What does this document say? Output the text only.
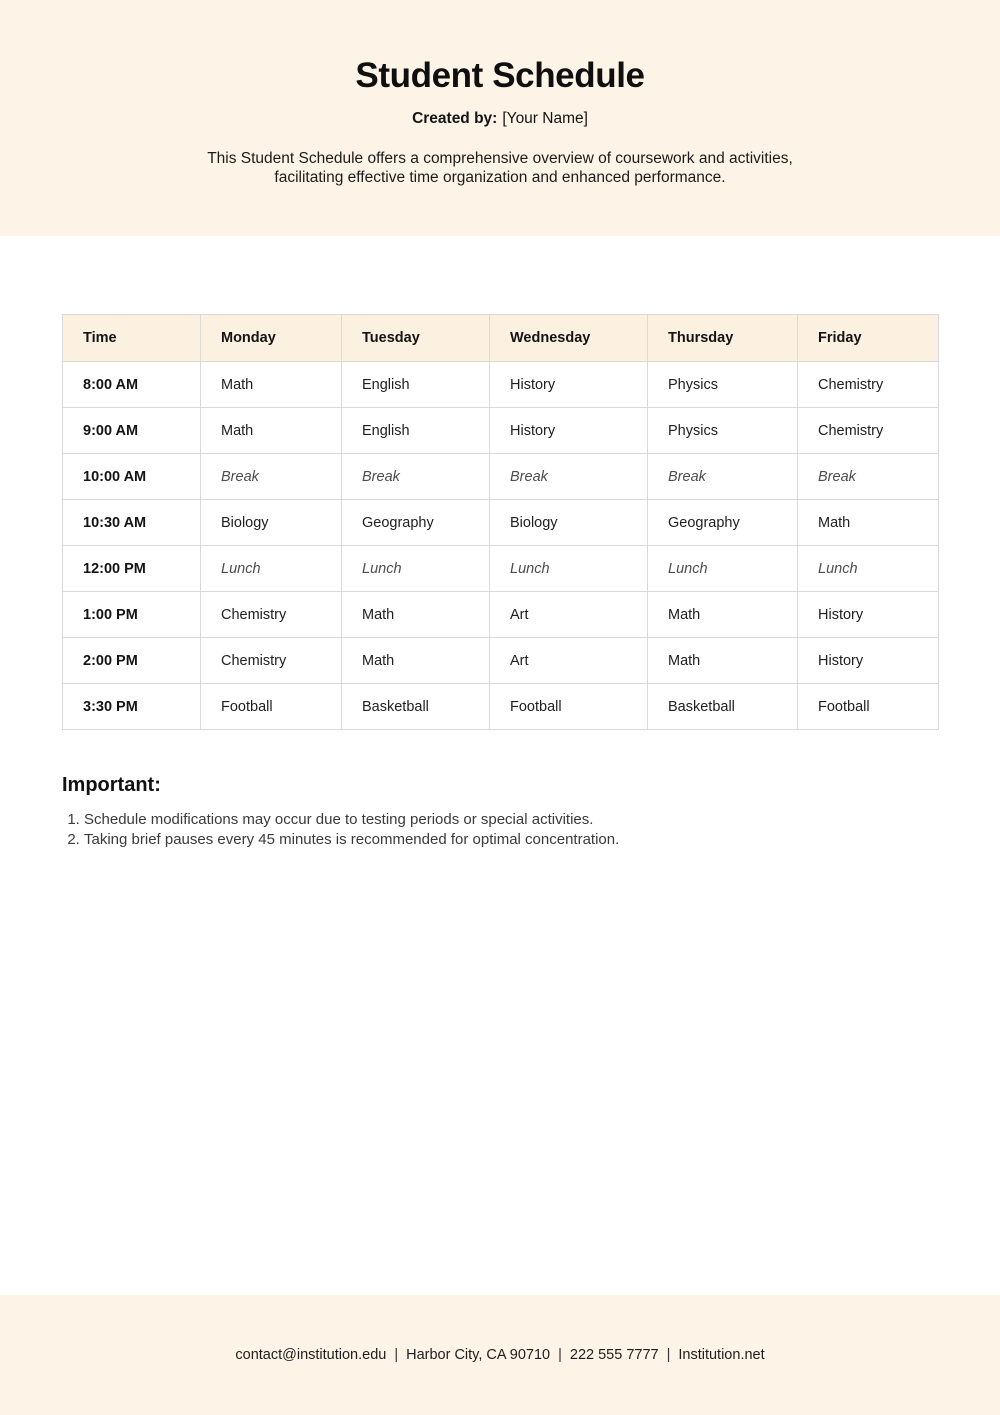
Student Schedule
Created by: [Your Name]
This Student Schedule offers a comprehensive overview of coursework and activities,
facilitating effective time organization and enhanced performance.
Time	Monday	Tuesday	Wednesday	Thursday	Friday
8:00 AM	Math	English	History	Physics	Chemistry
9:00 AM	Math	English	History	Physics	Chemistry
10:00 AM	Break	Break	Break	Break	Break
10:30 AM	Biology	Geography	Biology	Geography	Math
12:00 PM	Lunch	Lunch	Lunch	Lunch	Lunch
1:00 PM	Chemistry	Math	Art	Math	History
2:00 PM	Chemistry	Math	Art	Math	History
3:30 PM	Football	Basketball	Football	Basketball	Football
Important:
1. Schedule modifications may occur due to testing periods or special activities.
2. Taking brief pauses every 45 minutes is recommended for optimal concentration.
contact@institution.edu | Harbor City, CA 90710 | 222 555 7777 | Institution.net
